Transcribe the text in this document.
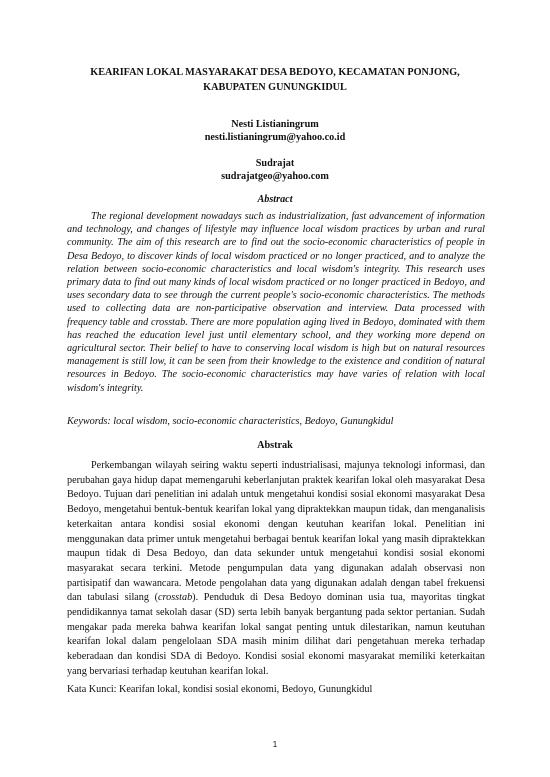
KEARIFAN LOKAL MASYARAKAT DESA BEDOYO, KECAMATAN PONJONG,
KABUPATEN GUNUNGKIDUL
Nesti Listianingrum
nesti.listianingrum@yahoo.co.id
Sudrajat
sudrajatgeo@yahoo.com
Abstract

The regional development nowadays such as industrialization, fast advancement of information and technology, and changes of lifestyle may influence local wisdom practices by urban and rural community. The aim of this research are to find out the socio-economic characteristics of people in Desa Bedoyo, to discover kinds of local wisdom practiced or no longer practiced, and to analyze the relation between socio-economic characteristics and local wisdom's integrity. This research uses primary data to find out many kinds of local wisdom practiced or no longer practiced in Bedoyo, and uses secondary data to see through the current people's socio-economic characteristics. The methods used to collecting data are non-participative observation and interview. Data processed with frequency table and crosstab. There are more population aging lived in Bedoyo, dominated with them has reached the education level just until elementary school, and they working more depend on agricultural sector. Their belief to have to conserving local wisdom is high but on natural resources management is still low, it can be seen from their knowledge to the existence and condition of natural resources in Bedoyo. The socio-economic characteristics may have varies of relation with local wisdom's integrity.

Keywords: local wisdom, socio-economic characteristics, Bedoyo, Gunungkidul

Abstrak

Perkembangan wilayah seiring waktu seperti industrialisasi, majunya teknologi informasi, dan perubahan gaya hidup dapat memengaruhi keberlanjutan praktek kearifan lokal oleh masyarakat Desa Bedoyo. Tujuan dari penelitian ini adalah untuk mengetahui kondisi sosial ekonomi masyarakat Desa Bedoyo, mengetahui bentuk-bentuk kearifan lokal yang dipraktekkan maupun tidak, dan menganalisis keterkaitan antara kondisi sosial ekonomi dengan keutuhan kearifan lokal. Penelitian ini menggunakan data primer untuk mengetahui berbagai bentuk kearifan lokal yang masih dipraktekkan maupun tidak di Desa Bedoyo, dan data sekunder untuk mengetahui kondisi sosial ekonomi masyarakat secara terkini. Metode pengumpulan data yang digunakan adalah observasi non partisipatif dan wawancara. Metode pengolahan data yang digunakan adalah dengan tabel frekuensi dan tabulasi silang (crosstab). Penduduk di Desa Bedoyo dominan usia tua, mayoritas tingkat pendidikannya tamat sekolah dasar (SD) serta lebih banyak bergantung pada sektor pertanian. Sudah mengakar pada mereka bahwa kearifan lokal sangat penting untuk dilestarikan, namun keutuhan kearifan lokal dalam pengelolaan SDA masih minim dilihat dari pengetahuan mereka terhadap keberadaan dan kondisi SDA di Bedoyo. Kondisi sosial ekonomi masyarakat memiliki keterkaitan yang bervariasi terhadap keutuhan kearifan lokal.

Kata Kunci: Kearifan lokal, kondisi sosial ekonomi, Bedoyo, Gunungkidul

1
